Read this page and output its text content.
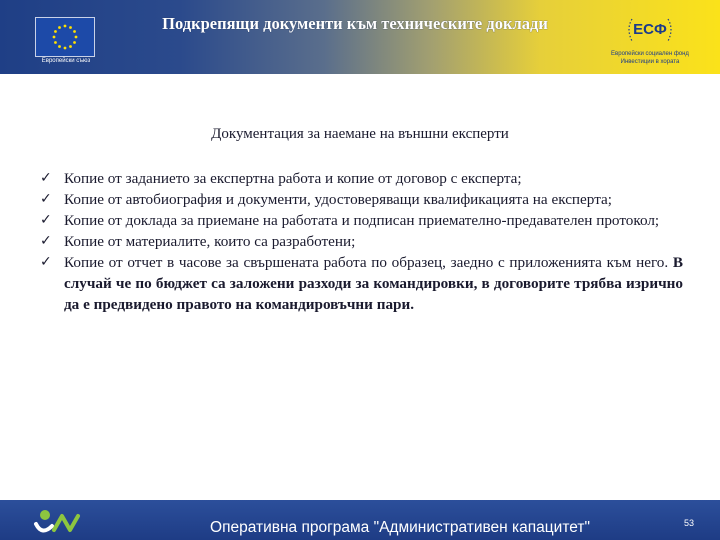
Европейски съюз
Подкрепящи документи към техническите доклади	ЕСФ
Европейски социален фонд
Инвестиции в хората
Документация за наемане на външни експерти
✓ Копие от заданието за експертна работа и копие от договор с експерта;
✓ Копие от автобиография и документи, удостоверяващи квалификацията на експерта;
✓ Копие от доклада за приемане на работата и подписан приемателно-предавателен протокол;
✓ Копие от материалите, които са разработени;
✓ Копие от отчет в часове за свършената работа по образец, заедно с приложенията към него. В случай че по бюджет са заложени разходи за командировки, в договорите трябва изрично да е предвидено правото на командировъчни пари.
Оперативна програма "Административен капацитет"	53
